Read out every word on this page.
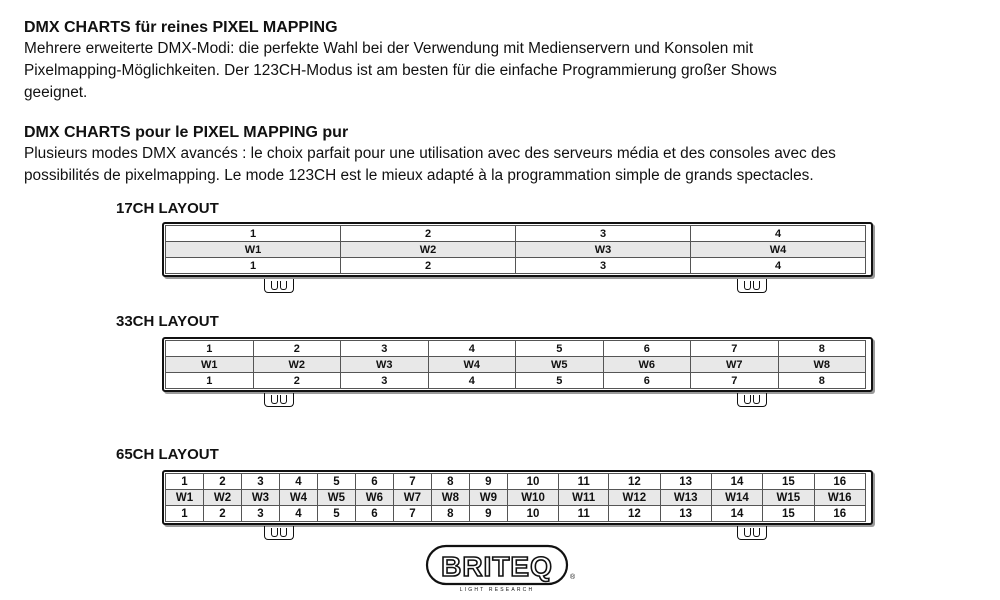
DMX CHARTS für reines PIXEL MAPPING

Mehrere erweiterte DMX-Modi: die perfekte Wahl bei der Verwendung mit Medienservern und Konsolen mit

Pixelmapping-Möglichkeiten. Der 123CH-Modus ist am besten für die einfache Programmierung großer Shows

geeignet.

DMX CHARTS pour le PIXEL MAPPING pur

Plusieurs modes DMX avancés : le choix parfait pour une utilisation avec des serveurs média et des consoles avec des

possibilités de pixelmapping. Le mode 123CH est le mieux adapté à la programmation simple de grands spectacles.

17CH LAYOUT
1	2	3	4
W1	W2	W3	W4
1	2	3	4
33CH LAYOUT
1	2	3	4	5	6	7	8
W1	W2	W3	W4	W5	W6	W7	W8
1	2	3	4	5	6	7	8
65CH LAYOUT
1	2	3	4	5	6	7	8	9	10	11	12	13	14	15	16
W1	W2	W3	W4	W5	W6	W7	W8	W9	W10	W11	W12	W13	W14	W15	W16
1	2	3	4	5	6	7	8	9	10	11	12	13	14	15	16
BRITEQ ®
LIGHT RESEARCH
